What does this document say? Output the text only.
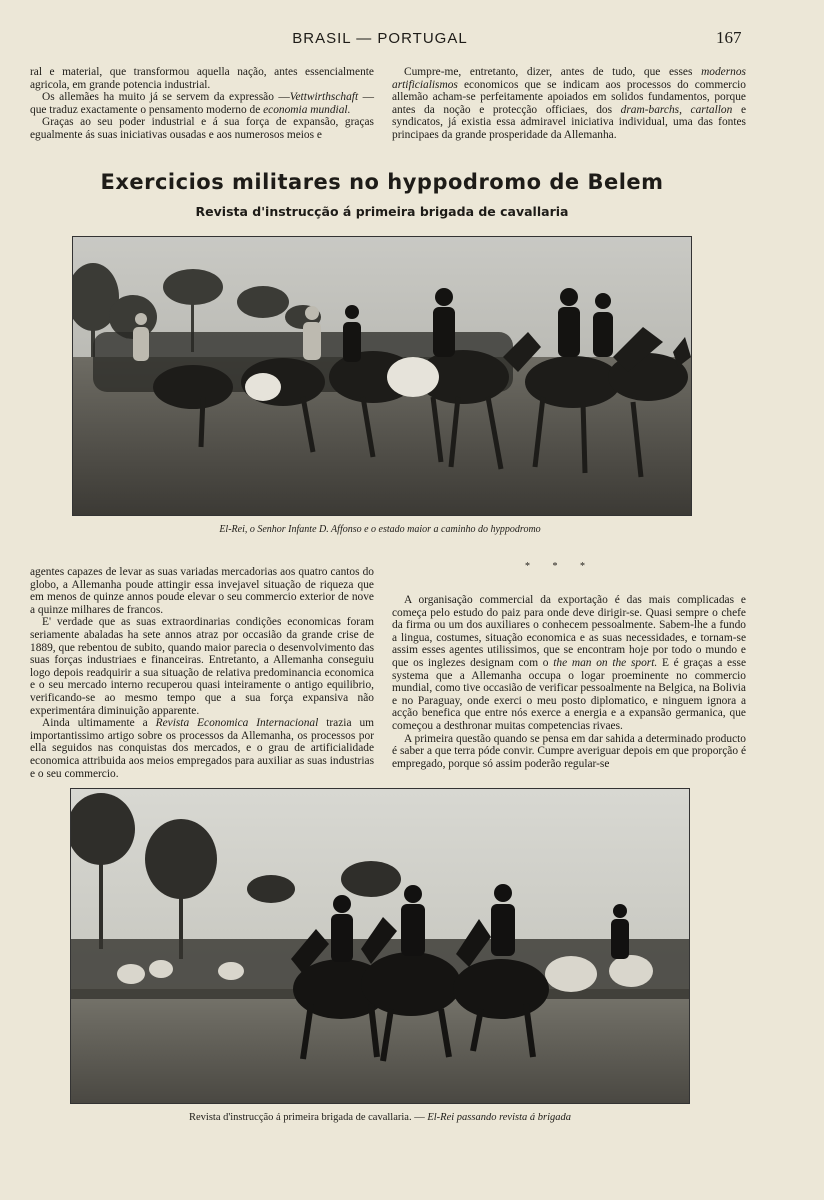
BRASIL — PORTUGAL	167

ral e material, que transformou aquella nação, antes essencialmente agricola, em grande potencia industrial.

Os allemães ha muito já se servem da expressão —Vettwirthschaft — que traduz exactamente o pensamento moderno de economia mundial.

Graças ao seu poder industrial e á sua força de expansão, graças egualmente ás suas iniciativas ousadas e aos numerosos meios e

Cumpre-me, entretanto, dizer, antes de tudo, que esses modernos artificialismos economicos que se indicam aos processos do commercio allemão acham-se perfeitamente apoiados em solidos fundamentos, porque antes da noção e protecção officiaes, dos dram-barchs, cartallon e syndicatos, já existia essa admiravel iniciativa individual, uma das fontes principaes da grande prosperidade da Allemanha.

Exercicios militares no hyppodromo de Belem
Revista d'instrucção á primeira brigada de cavallaria
El-Rei, o Senhor Infante D. Affonso e o estado maior a caminho do hyppodromo

agentes capazes de levar as suas variadas mercadorias aos quatro cantos do globo, a Allemanha poude attingir essa invejavel situação de riqueza que em menos de quinze annos poude elevar o seu commercio exterior de nove a quinze milhares de francos.

E' verdade que as suas extraordinarias condições economicas foram seriamente abaladas ha sete annos atraz por occasião da grande crise de 1889, que rebentou de subito, quando maior parecia o desenvolvimento das suas forças industriaes e financeiras. Entretanto, a Allemanha conseguiu logo depois readquirir a sua situação de relativa predominancia economica e o seu mercado interno recuperou quasi inteiramente o antigo equilibrio, verificando-se ao mesmo tempo que a sua força expansiva não experimentára diminuição apparente.

Ainda ultimamente a Revista Economica Internacional trazia um importantissimo artigo sobre os processos da Allemanha, os processos por ella seguidos nas conquistas dos mercados, e o grau de artificialidade economica attribuida aos meios empregados para auxiliar as suas industrias e o seu commercio.

* * *

A organisação commercial da exportação é das mais complicadas e começa pelo estudo do paiz para onde deve dirigir-se. Quasi sempre o chefe da firma ou um dos auxiliares o conhecem pessoalmente. Sabem-lhe a fundo a lingua, costumes, situação economica e as suas necessidades, e tornam-se assim esses agentes utilissimos, que se encontram hoje por todo o mundo e que os inglezes designam com o the man on the sport. E é graças a esse systema que a Allemanha occupa o logar proeminente no commercio mundial, como tive occasião de verificar pessoalmente na Belgica, na Bolivia e no Paraguay, onde exerci o meu posto diplomatico, e ninguem ignora a acção benefica que entre nós exerce a energia e a expansão germanica, que começou a desthronar muitas competencias rivaes.

A primeira questão quando se pensa em dar sahida a determinado producto é saber a que terra póde convir. Cumpre averiguar depois em que proporção é empregado, porque só assim poderão regular-se

Revista d'instrucção á primeira brigada de cavallaria. — El-Rei passando revista á brigada
